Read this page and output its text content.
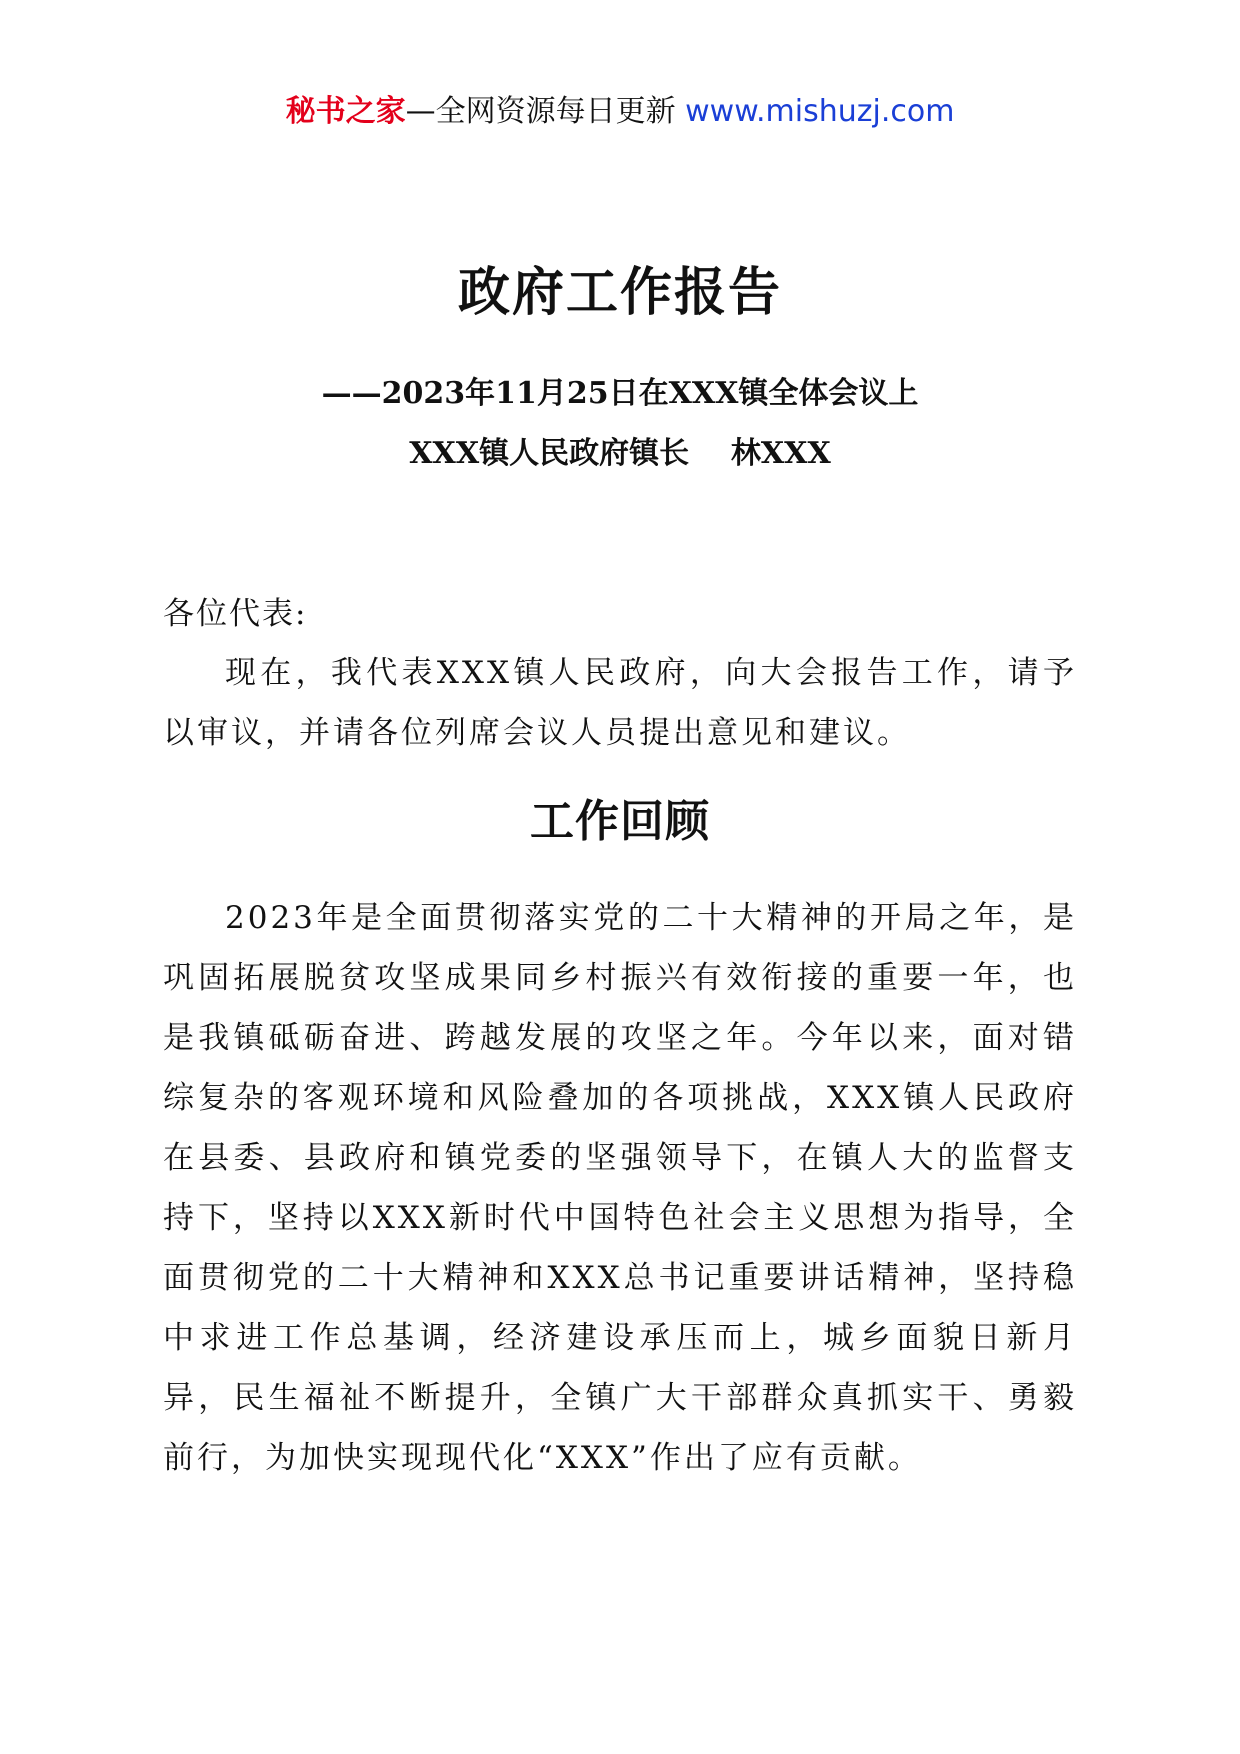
秘书之家—全网资源每日更新 www.mishuzj.com
政府工作报告
——2023年11月25日在XXX镇全体会议上
XXX镇人民政府镇长    林XXX
各位代表:

现在，我代表XXX镇人民政府，向大会报告工作，请予以审议，并请各位列席会议人员提出意见和建议。

工作回顾

2023年是全面贯彻落实党的二十大精神的开局之年，是巩固拓展脱贫攻坚成果同乡村振兴有效衔接的重要一年，也是我镇砥砺奋进、跨越发展的攻坚之年。今年以来，面对错综复杂的客观环境和风险叠加的各项挑战，XXX镇人民政府在县委、县政府和镇党委的坚强领导下，在镇人大的监督支持下，坚持以XXX新时代中国特色社会主义思想为指导，全面贯彻党的二十大精神和XXX总书记重要讲话精神，坚持稳中求进工作总基调，经济建设承压而上，城乡面貌日新月异，民生福祉不断提升，全镇广大干部群众真抓实干、勇毅前行，为加快实现现代化“XXX”作出了应有贡献。
